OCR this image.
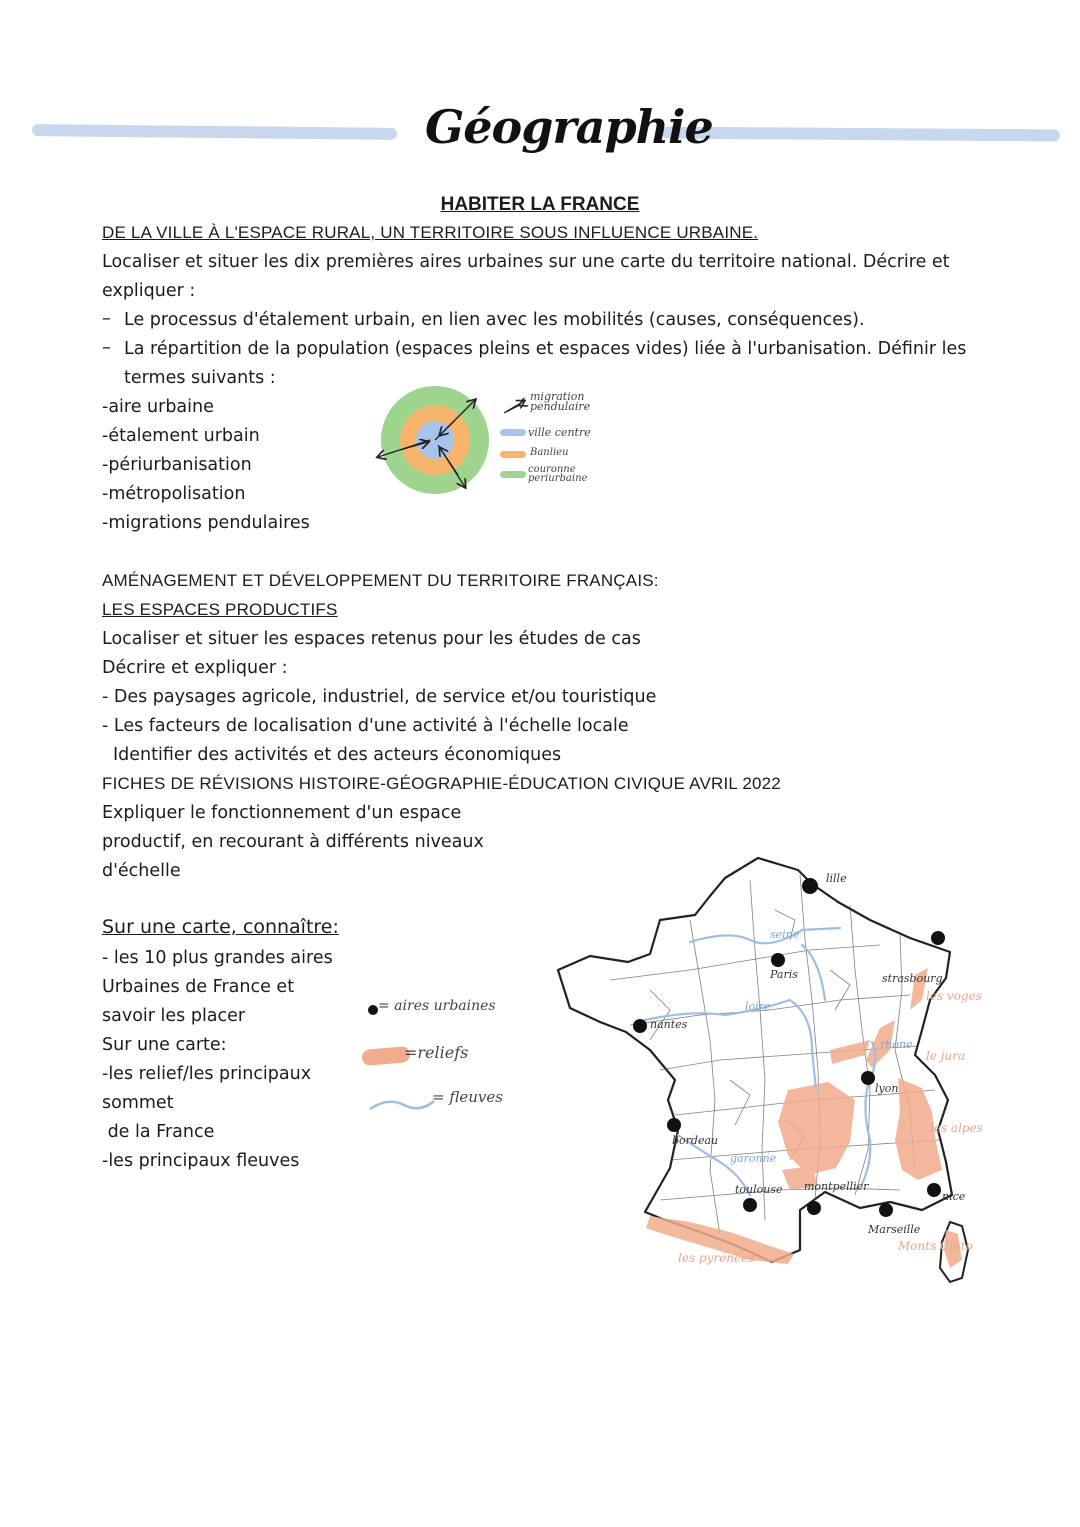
Géographie
HABITER LA FRANCE
DE LA VILLE À L'ESPACE RURAL, UN TERRITOIRE SOUS INFLUENCE URBAINE.
Localiser et situer les dix premières aires urbaines sur une carte du territoire national. Décrire et
expliquer :
– Le processus d'étalement urbain, en lien avec les mobilités (causes, conséquences).
– La répartition de la population (espaces pleins et espaces vides) liée à l'urbanisation. Définir les
termes suivants :
-aire urbaine
-étalement urbain
-périurbanisation
-métropolisation
-migrations pendulaires
migration pendulaire
ville centre
Banlieu
couronne periurbaine
AMÉNAGEMENT ET DÉVELOPPEMENT DU TERRITOIRE FRANÇAIS:
LES ESPACES PRODUCTIFS
Localiser et situer les espaces retenus pour les études de cas
Décrire et expliquer :
- Des paysages agricole, industriel, de service et/ou touristique
- Les facteurs de localisation d'une activité à l'échelle locale
Identifier des activités et des acteurs économiques
FICHES DE RÉVISIONS HISTOIRE-GÉOGRAPHIE-ÉDUCATION CIVIQUE AVRIL 2022
Expliquer le fonctionnement d'un espace
productif, en recourant à différents niveaux
d'échelle
Sur une carte, connaître:
- les 10 plus grandes aires
Urbaines de France et
savoir les placer
Sur une carte:
-les relief/les principaux
sommet
de la France
-les principaux fleuves
= aires urbaines
=reliefs
= fleuves
lille
Paris
nantes
strasbourg
lyon
bordeau
toulouse montpellier
Marseille
nice
seine
loire
rhone
garonne
les voges
le jura
les alpes
les pyrénées
Monts Cinto
